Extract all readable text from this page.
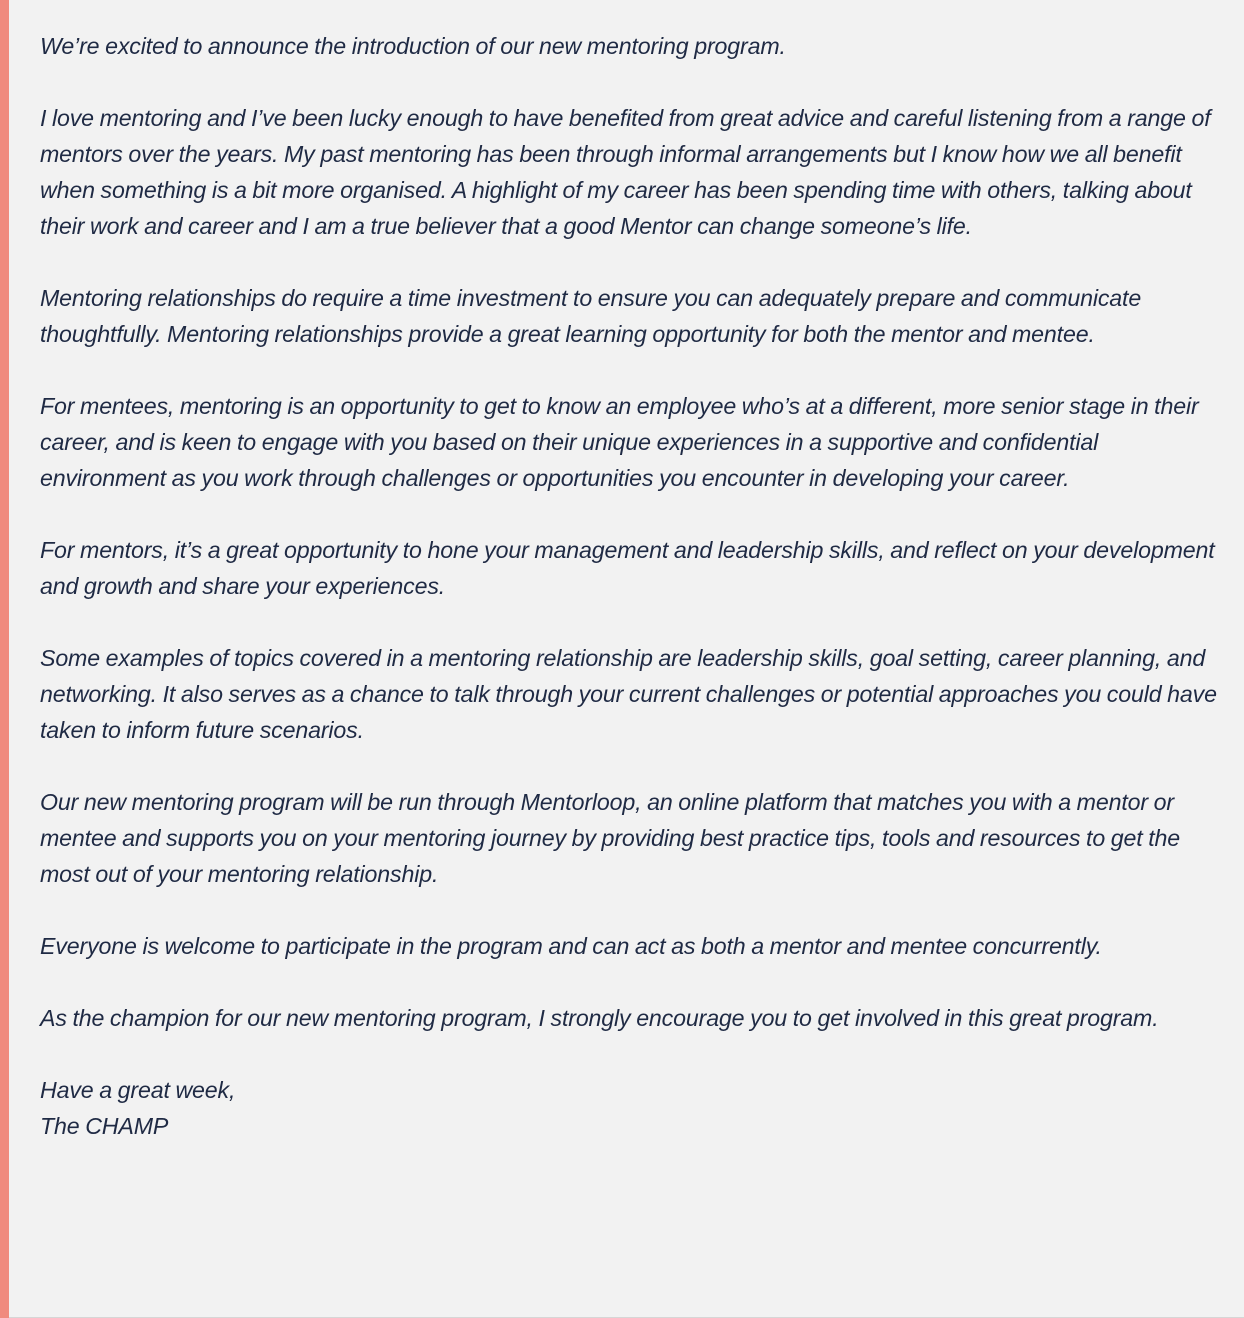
We’re excited to announce the introduction of our new mentoring program.

I love mentoring and I’ve been lucky enough to have benefited from great advice and careful listening from a range of mentors over the years. My past mentoring has been through informal arrangements but I know how we all benefit when something is a bit more organised. A highlight of my career has been spending time with others, talking about their work and career and I am a true believer that a good Mentor can change someone’s life.

Mentoring relationships do require a time investment to ensure you can adequately prepare and communicate thoughtfully. Mentoring relationships provide a great learning opportunity for both the mentor and mentee.

For mentees, mentoring is an opportunity to get to know an employee who’s at a different, more senior stage in their career, and is keen to engage with you based on their unique experiences in a supportive and confidential environment as you work through challenges or opportunities you encounter in developing your career.

For mentors, it’s a great opportunity to hone your management and leadership skills, and reflect on your development and growth and share your experiences.

Some examples of topics covered in a mentoring relationship are leadership skills, goal setting, career planning, and networking. It also serves as a chance to talk through your current challenges or potential approaches you could have taken to inform future scenarios.

Our new mentoring program will be run through Mentorloop, an online platform that matches you with a mentor or mentee and supports you on your mentoring journey by providing best practice tips, tools and resources to get the most out of your mentoring relationship.

Everyone is welcome to participate in the program and can act as both a mentor and mentee concurrently.

As the champion for our new mentoring program, I strongly encourage you to get involved in this great program.

Have a great week,
The CHAMP
